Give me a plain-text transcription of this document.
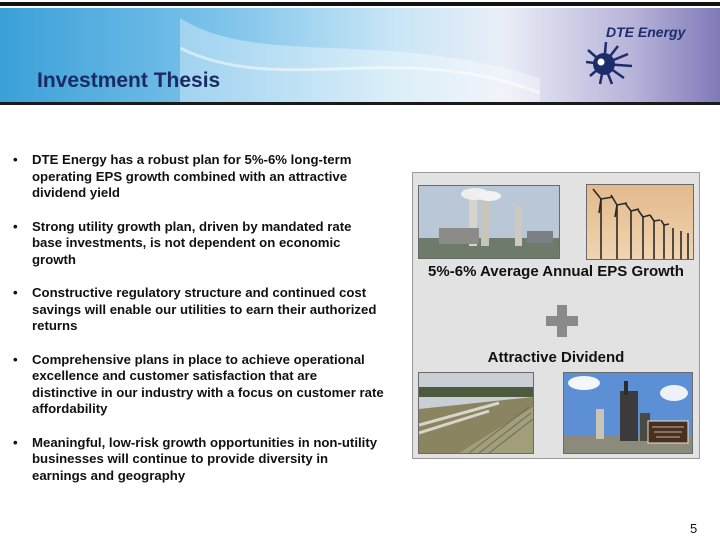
Investment Thesis
DTE Energy
• DTE Energy has a robust plan for 5%-6% long-term operating EPS growth combined with an attractive dividend yield
• Strong utility growth plan, driven by mandated rate base investments, is not dependent on economic growth
• Constructive regulatory structure and continued cost savings will enable our utilities to earn their authorized returns
• Comprehensive plans in place to achieve operational excellence and customer satisfaction that are distinctive in our industry with a focus on customer rate affordability
• Meaningful, low-risk growth opportunities in non-utility businesses will continue to provide diversity in earnings and geography
5%-6% Average Annual EPS Growth
Attractive Dividend
5
